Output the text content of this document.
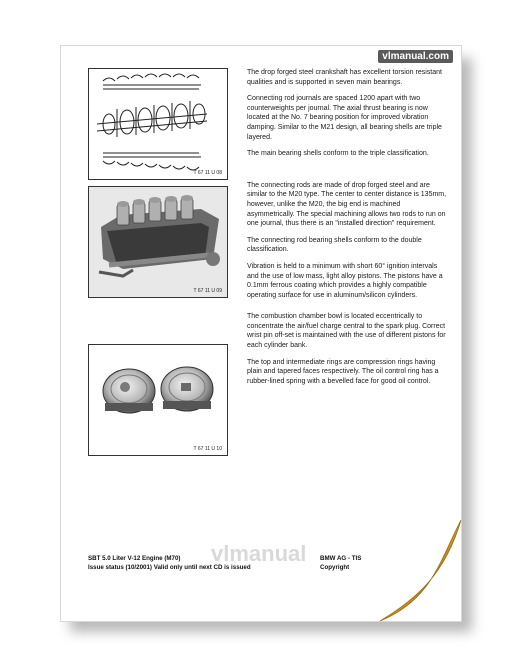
vlmanual.com
T 67 11 U 08
T 67 11 U 09
T 67 11 U 10

The drop forged steel crankshaft has excellent torsion resistant qualities and is supported in seven main bearings.

Connecting rod journals are spaced 1200 apart with two counterweights per journal. The axial thrust bearing is now located at the No. 7 bearing position for improved vibration damping. Similar to the M21 design, all bearing shells are triple layered.

The main bearing shells conform to the triple classification.

The connecting rods are made of drop forged steel and are similar to the M20 type. The center to center distance is 135mm, however, unlike the M20, the big end is machined asymmetrically. The special machining allows two rods to run on one journal, thus there is an "installed direction" requirement.

The connecting rod bearing shells conform to the double classification.

Vibration is held to a minimum with short 60° ignition intervals and the use of low mass, light alloy pistons. The pistons have a 0.1mm ferrous coating which provides a highly compatible operating surface for use in aluminum/silicon cylinders.

The combustion chamber bowl is located eccentrically to concentrate the air/fuel charge central to the spark plug. Correct wrist pin off-set is maintained with the use of different pistons for each cylinder bank.

The top and intermediate rings are compression rings having plain and tapered faces respectively. The oil control ring has a rubber-lined spring with a bevelled face for good oil control.

vlmanual
SBT 5.0 Liter V-12 Engine (M70)
Issue status (10/2001) Valid only until next CD is issued
BMW AG - TIS
Copyright
